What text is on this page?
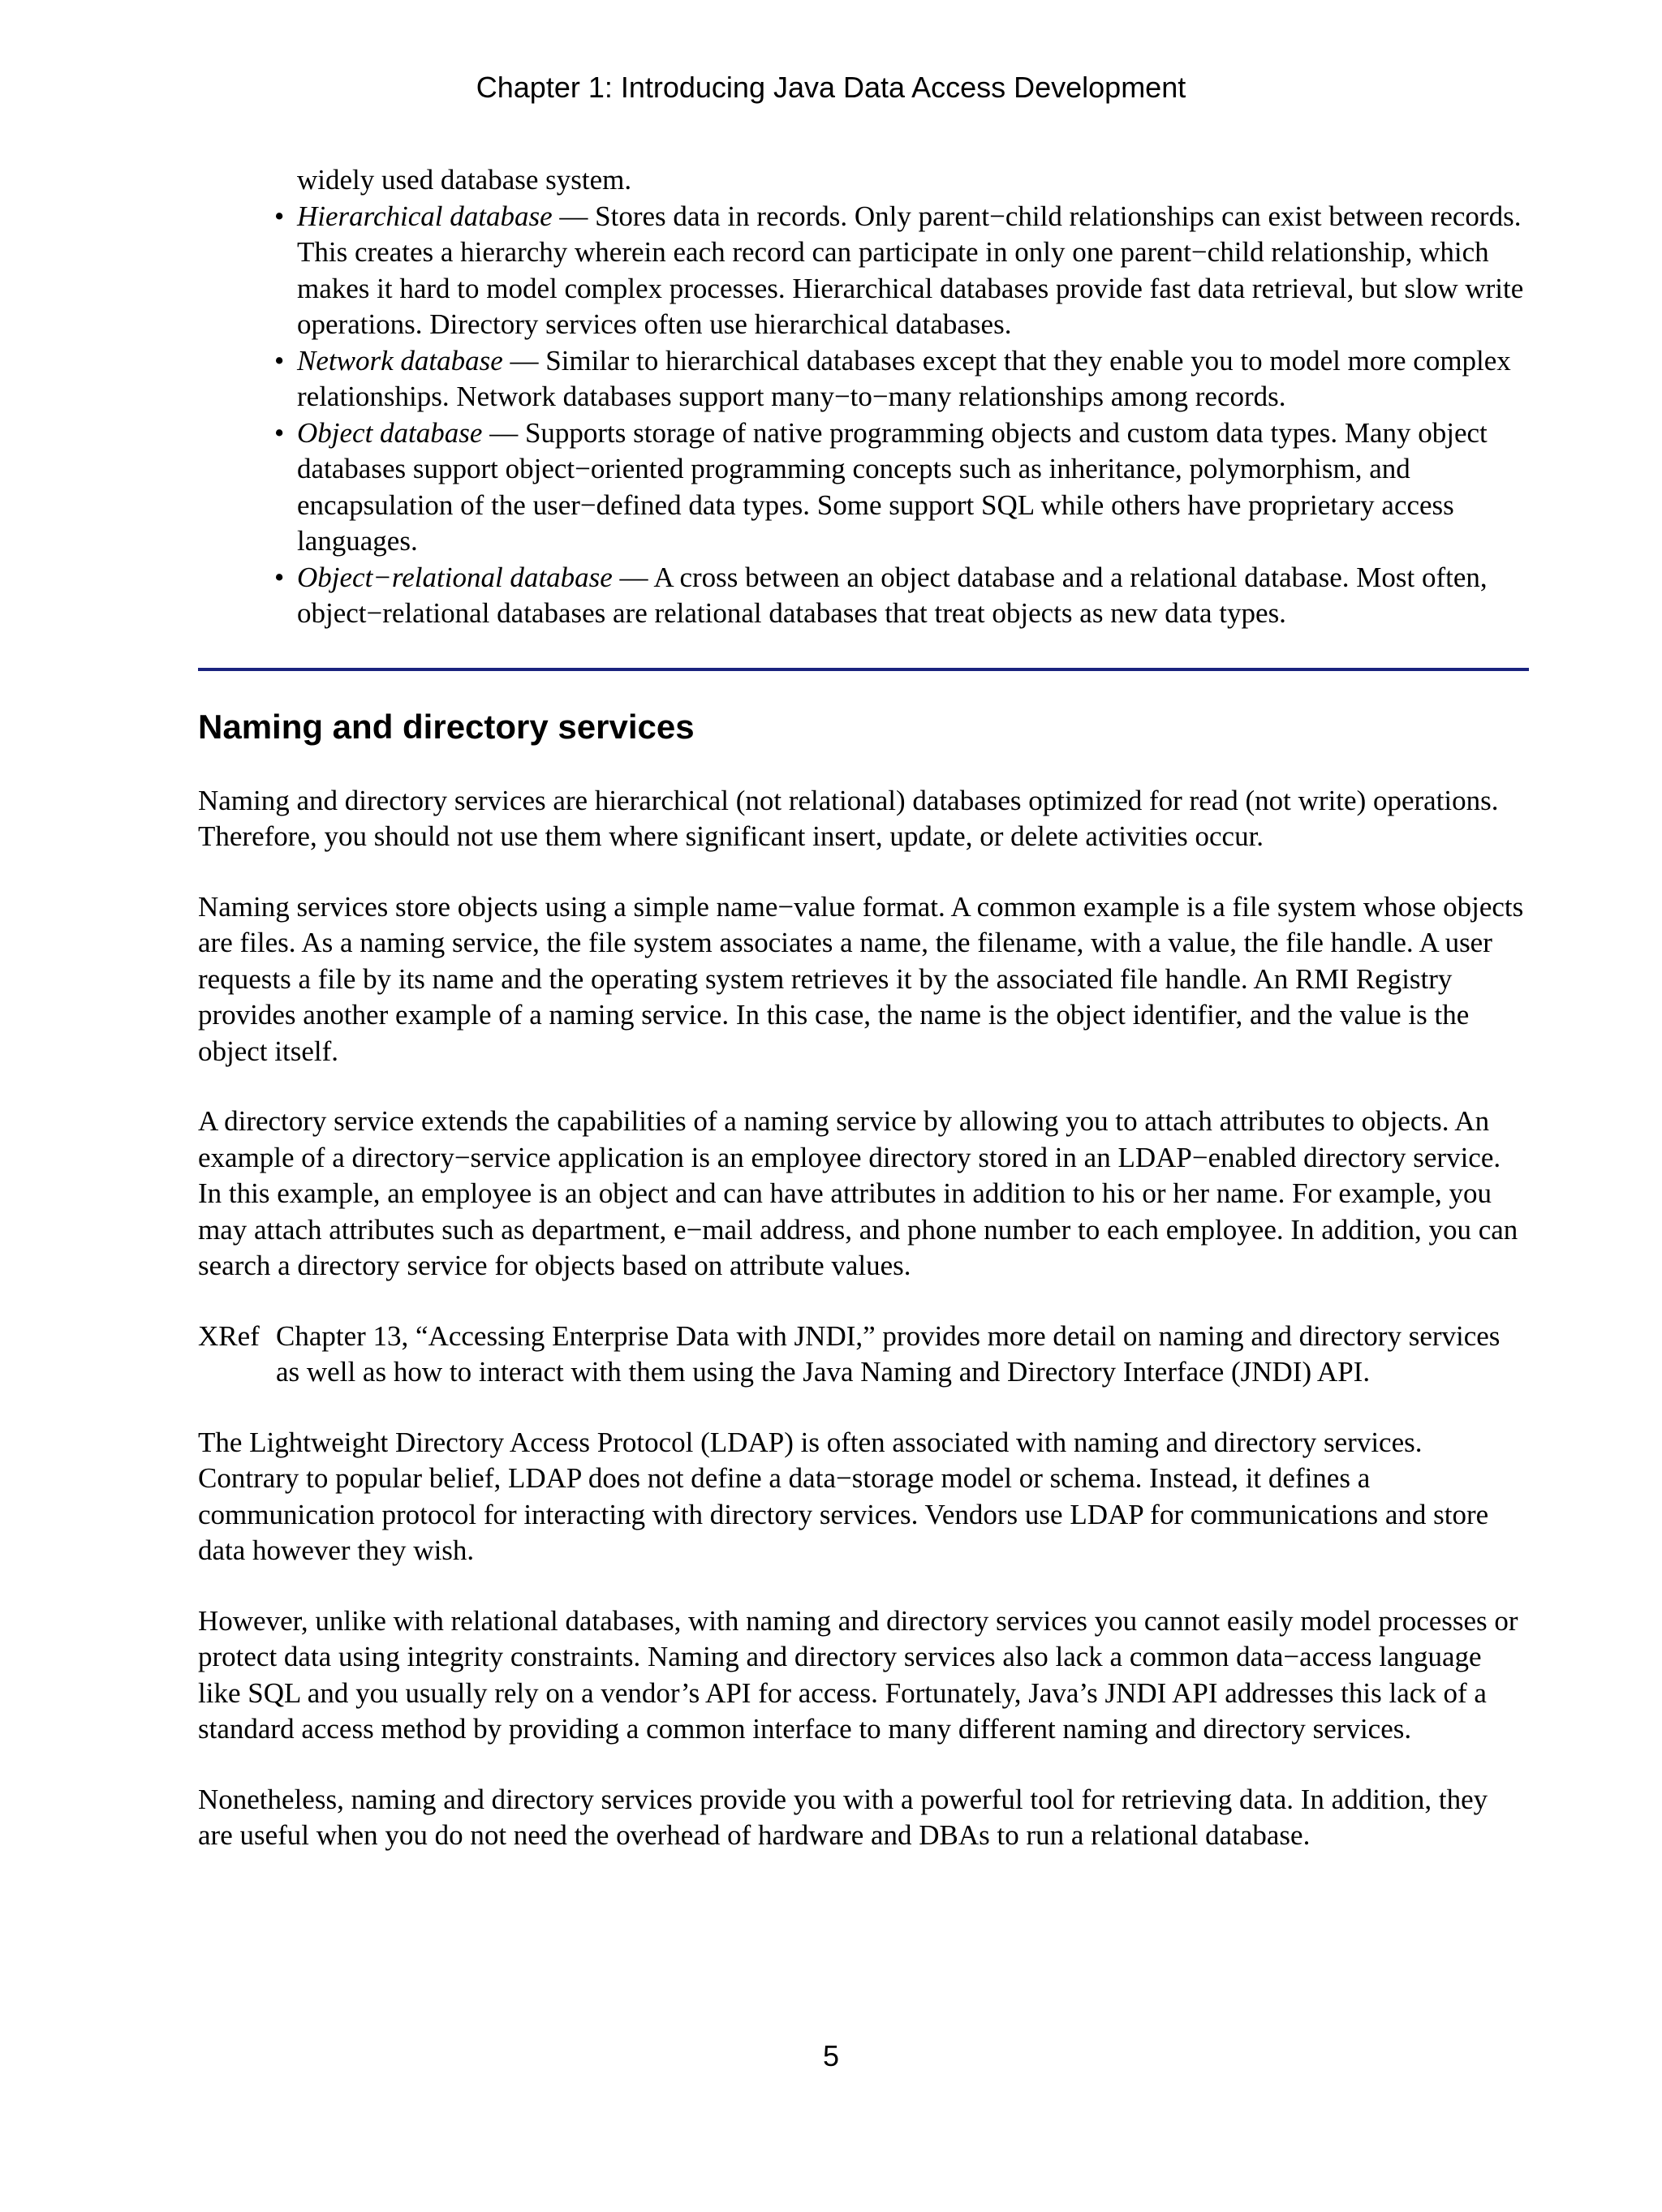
Chapter 1: Introducing Java Data Access Development

widely used database system.

• Hierarchical database — Stores data in records. Only parent−child relationships can exist between records. This creates a hierarchy wherein each record can participate in only one parent−child relationship, which makes it hard to model complex processes. Hierarchical databases provide fast data retrieval, but slow write operations. Directory services often use hierarchical databases.
• Network database — Similar to hierarchical databases except that they enable you to model more complex relationships. Network databases support many−to−many relationships among records.
• Object database — Supports storage of native programming objects and custom data types. Many object databases support object−oriented programming concepts such as inheritance, polymorphism, and encapsulation of the user−defined data types. Some support SQL while others have proprietary access languages.
• Object−relational database — A cross between an object database and a relational database. Most often, object−relational databases are relational databases that treat objects as new data types.
Naming and directory services

Naming and directory services are hierarchical (not relational) databases optimized for read (not write) operations. Therefore, you should not use them where significant insert, update, or delete activities occur.

Naming services store objects using a simple name−value format. A common example is a file system whose objects are files. As a naming service, the file system associates a name, the filename, with a value, the file handle. A user requests a file by its name and the operating system retrieves it by the associated file handle. An RMI Registry provides another example of a naming service. In this case, the name is the object identifier, and the value is the object itself.

A directory service extends the capabilities of a naming service by allowing you to attach attributes to objects. An example of a directory−service application is an employee directory stored in an LDAP−enabled directory service. In this example, an employee is an object and can have attributes in addition to his or her name. For example, you may attach attributes such as department, e−mail address, and phone number to each employee. In addition, you can search a directory service for objects based on attribute values.

XRef Chapter 13, “Accessing Enterprise Data with JNDI,” provides more detail on naming and directory services as well as how to interact with them using the Java Naming and Directory Interface (JNDI) API.

The Lightweight Directory Access Protocol (LDAP) is often associated with naming and directory services. Contrary to popular belief, LDAP does not define a data−storage model or schema. Instead, it defines a communication protocol for interacting with directory services. Vendors use LDAP for communications and store data however they wish.

However, unlike with relational databases, with naming and directory services you cannot easily model processes or protect data using integrity constraints. Naming and directory services also lack a common data−access language like SQL and you usually rely on a vendor’s API for access. Fortunately, Java’s JNDI API addresses this lack of a standard access method by providing a common interface to many different naming and directory services.

Nonetheless, naming and directory services provide you with a powerful tool for retrieving data. In addition, they are useful when you do not need the overhead of hardware and DBAs to run a relational database.

5
